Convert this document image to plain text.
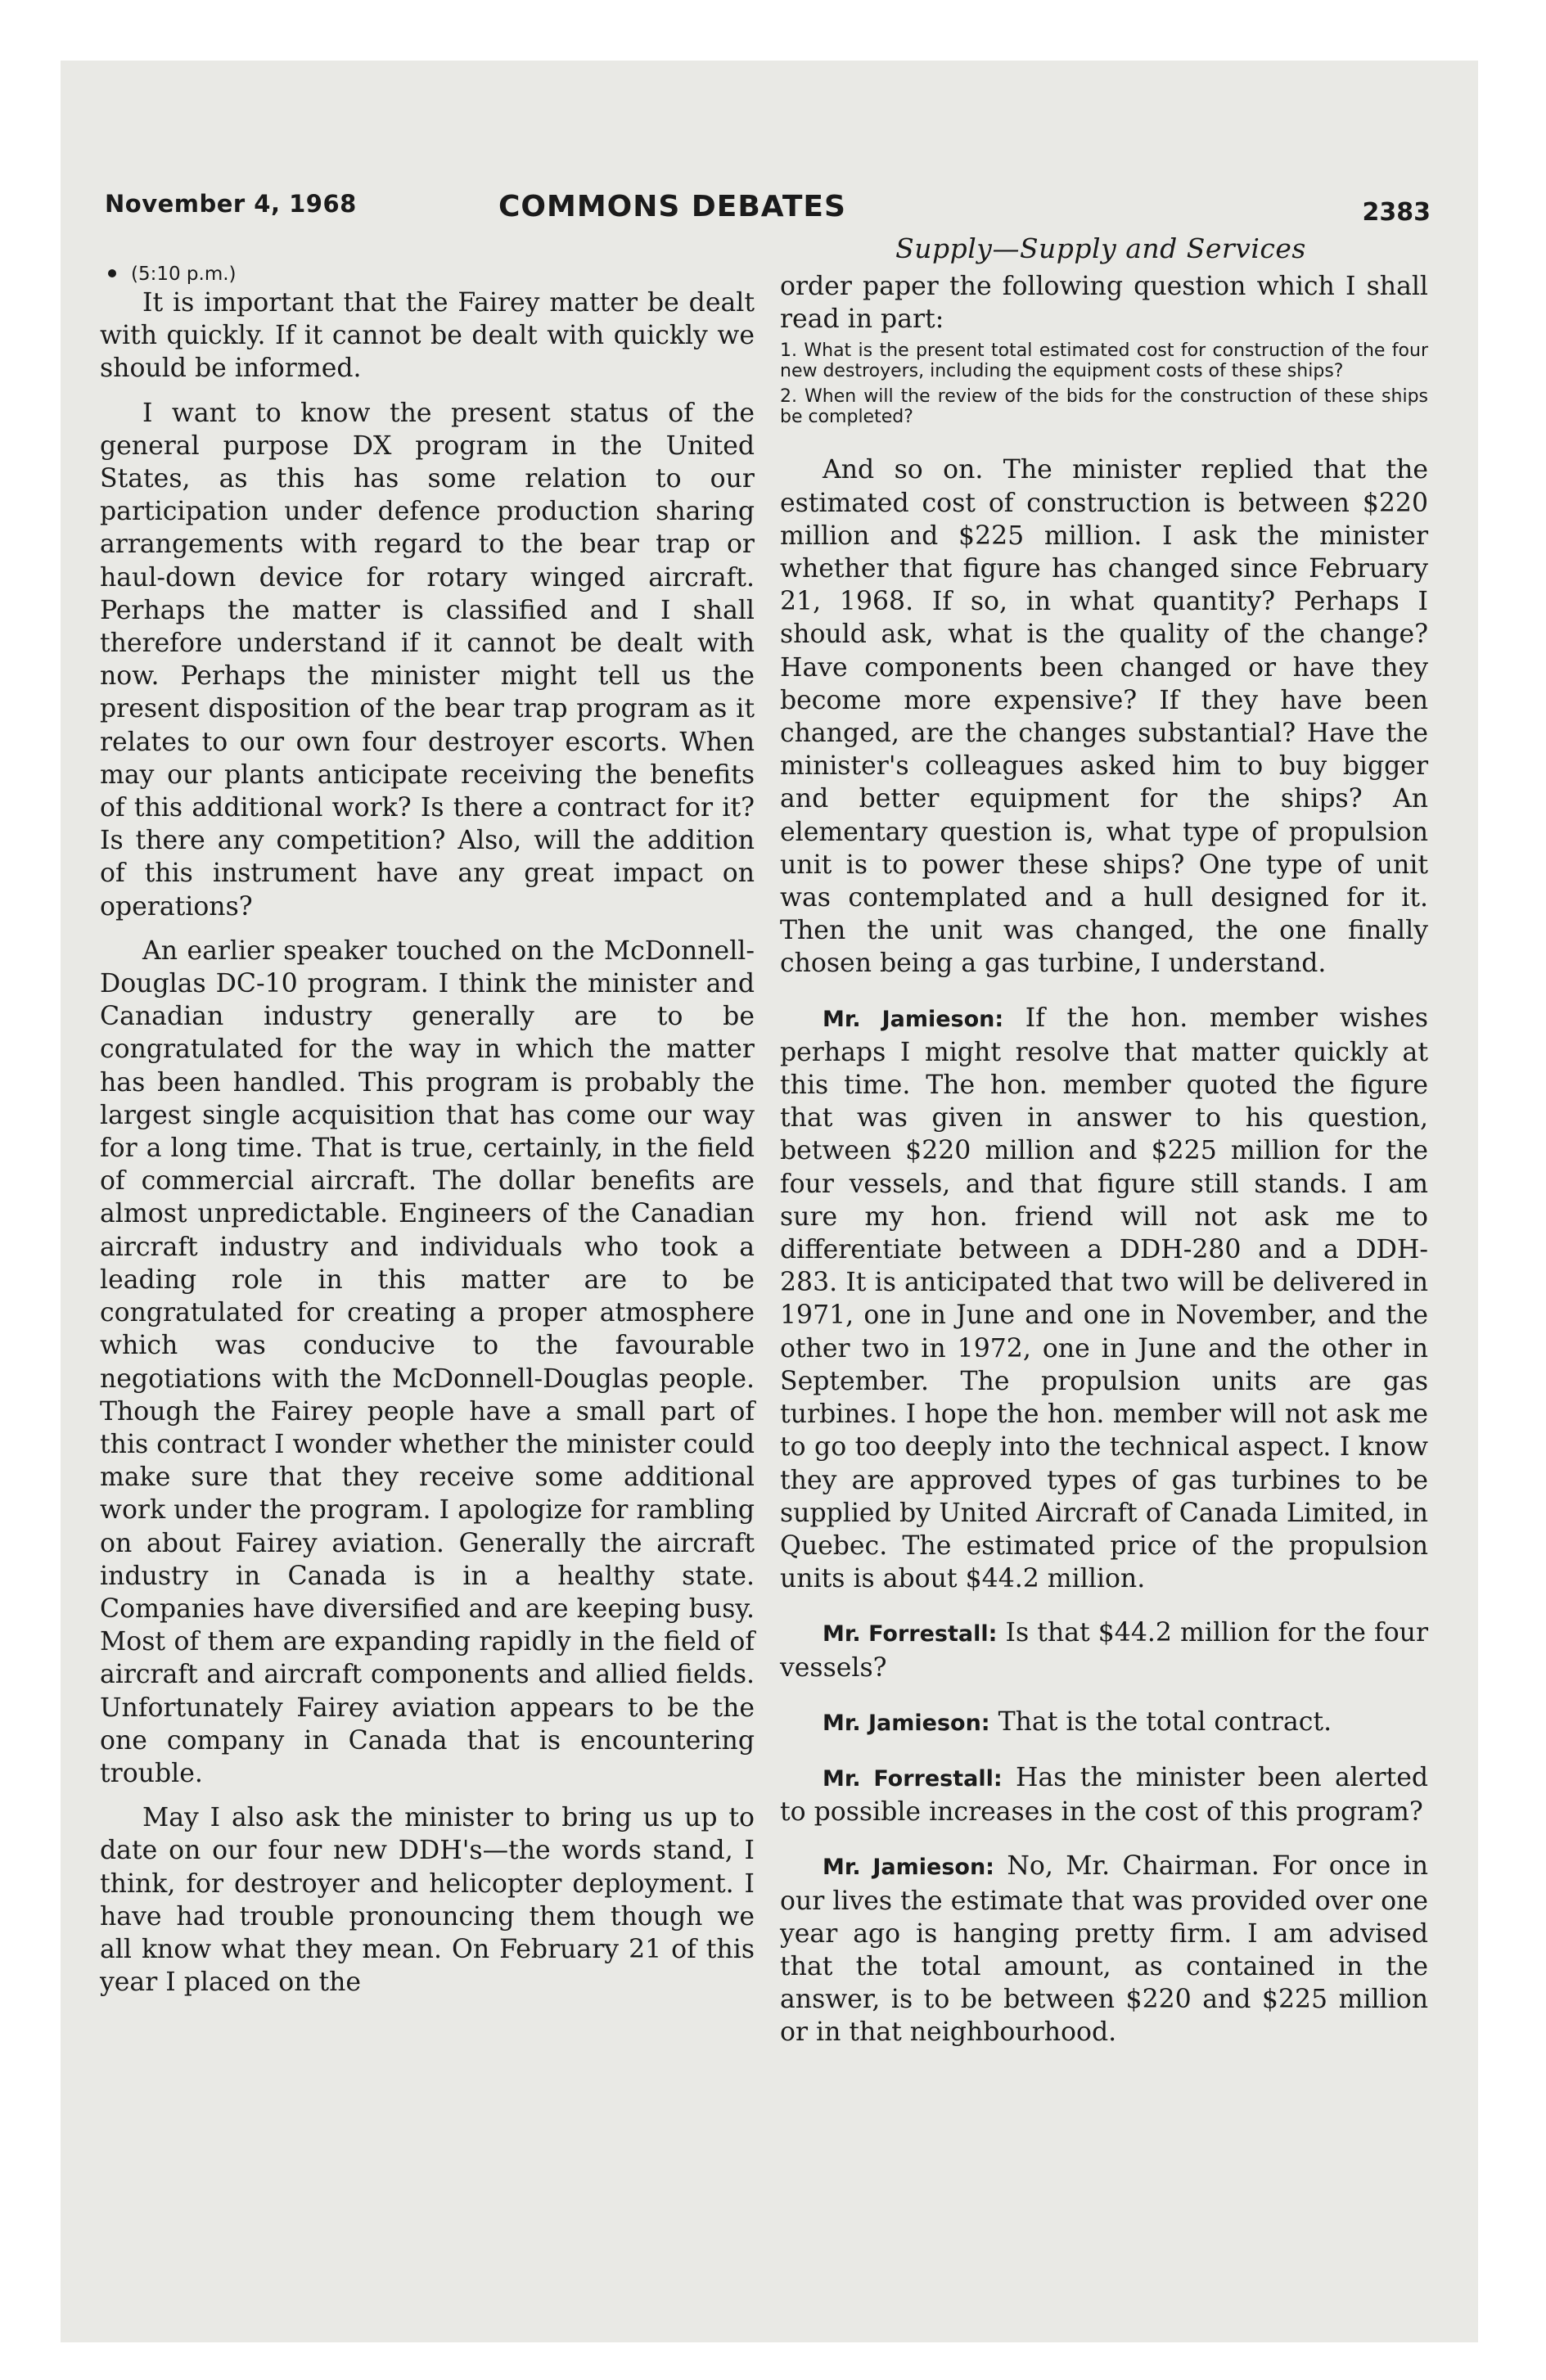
November 4, 1968	COMMONS DEBATES	2383
Supply—Supply and Services

(5:10 p.m.)

It is important that the Fairey matter be dealt with quickly. If it cannot be dealt with quickly we should be informed.

I want to know the present status of the general purpose DX program in the United States, as this has some relation to our participation under defence production sharing arrangements with regard to the bear trap or haul-down device for rotary winged aircraft. Perhaps the matter is classified and I shall therefore understand if it cannot be dealt with now. Perhaps the minister might tell us the present disposition of the bear trap program as it relates to our own four destroyer escorts. When may our plants anticipate receiving the benefits of this additional work? Is there a contract for it? Is there any competition? Also, will the addition of this instrument have any great impact on operations?

An earlier speaker touched on the McDonnell-Douglas DC-10 program. I think the minister and Canadian industry generally are to be congratulated for the way in which the matter has been handled. This program is probably the largest single acquisition that has come our way for a long time. That is true, certainly, in the field of commercial aircraft. The dollar benefits are almost unpredictable. Engineers of the Canadian aircraft industry and individuals who took a leading role in this matter are to be congratulated for creating a proper atmosphere which was conducive to the favourable negotiations with the McDonnell-Douglas people. Though the Fairey people have a small part of this contract I wonder whether the minister could make sure that they receive some additional work under the program. I apologize for rambling on about Fairey aviation. Generally the aircraft industry in Canada is in a healthy state. Companies have diversified and are keeping busy. Most of them are expanding rapidly in the field of aircraft and aircraft components and allied fields. Unfortunately Fairey aviation appears to be the one company in Canada that is encountering trouble.

May I also ask the minister to bring us up to date on our four new DDH's—the words stand, I think, for destroyer and helicopter deployment. I have had trouble pronouncing them though we all know what they mean. On February 21 of this year I placed on the

order paper the following question which I shall read in part:

1. What is the present total estimated cost for construction of the four new destroyers, including the equipment costs of these ships?

2. When will the review of the bids for the construction of these ships be completed?

And so on. The minister replied that the estimated cost of construction is between $220 million and $225 million. I ask the minister whether that figure has changed since February 21, 1968. If so, in what quantity? Perhaps I should ask, what is the quality of the change? Have components been changed or have they become more expensive? If they have been changed, are the changes substantial? Have the minister's colleagues asked him to buy bigger and better equipment for the ships? An elementary question is, what type of propulsion unit is to power these ships? One type of unit was contemplated and a hull designed for it. Then the unit was changed, the one finally chosen being a gas turbine, I understand.

Mr. Jamieson: If the hon. member wishes perhaps I might resolve that matter quickly at this time. The hon. member quoted the figure that was given in answer to his question, between $220 million and $225 million for the four vessels, and that figure still stands. I am sure my hon. friend will not ask me to differentiate between a DDH-280 and a DDH-283. It is anticipated that two will be delivered in 1971, one in June and one in November, and the other two in 1972, one in June and the other in September. The propulsion units are gas turbines. I hope the hon. member will not ask me to go too deeply into the technical aspect. I know they are approved types of gas turbines to be supplied by United Aircraft of Canada Limited, in Quebec. The estimated price of the propulsion units is about $44.2 million.

Mr. Forrestall: Is that $44.2 million for the four vessels?

Mr. Jamieson: That is the total contract.

Mr. Forrestall: Has the minister been alerted to possible increases in the cost of this program?

Mr. Jamieson: No, Mr. Chairman. For once in our lives the estimate that was provided over one year ago is hanging pretty firm. I am advised that the total amount, as contained in the answer, is to be between $220 and $225 million or in that neighbourhood.
